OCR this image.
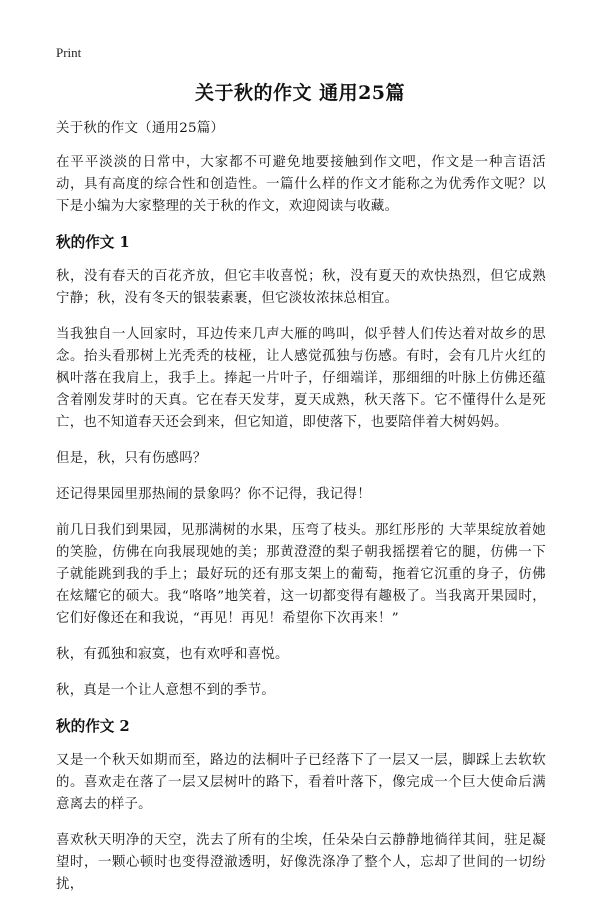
Print
关于秋的作文 通用25篇

关于秋的作文（通用25篇）

在平平淡淡的日常中，大家都不可避免地要接触到作文吧，作文是一种言语活动，具有高度的综合性和创造性。一篇什么样的作文才能称之为优秀作文呢？以下是小编为大家整理的关于秋的作文，欢迎阅读与收藏。

秋的作文 1

秋，没有春天的百花齐放，但它丰收喜悦；秋，没有夏天的欢快热烈，但它成熟宁静；秋，没有冬天的银装素裹，但它淡妆浓抹总相宜。

当我独自一人回家时，耳边传来几声大雁的鸣叫，似乎替人们传达着对故乡的思念。抬头看那树上光秃秃的枝桠，让人感觉孤独与伤感。有时，会有几片火红的枫叶落在我肩上，我手上。捧起一片叶子，仔细端详，那细细的叶脉上仿佛还蕴含着刚发芽时的天真。它在春天发芽，夏天成熟，秋天落下。它不懂得什么是死亡，也不知道春天还会到来，但它知道，即使落下，也要陪伴着大树妈妈。

但是，秋，只有伤感吗？

还记得果园里那热闹的景象吗？你不记得，我记得！

前几日我们到果园，见那满树的水果，压弯了枝头。那红彤彤的 大苹果绽放着她的笑脸，仿佛在向我展现她的美；那黄澄澄的梨子朝我摇摆着它的腿，仿佛一下子就能跳到我的手上；最好玩的还有那支架上的葡萄，拖着它沉重的身子，仿佛在炫耀它的硕大。我“咯咯”地笑着，这一切都变得有趣极了。当我离开果园时，它们好像还在和我说，“再见！再见！希望你下次再来！”

秋，有孤独和寂寞，也有欢呼和喜悦。

秋，真是一个让人意想不到的季节。

秋的作文 2

又是一个秋天如期而至，路边的法桐叶子已经落下了一层又一层，脚踩上去软软的。喜欢走在落了一层又层树叶的路下，看着叶落下，像完成一个巨大使命后满意离去的样子。

喜欢秋天明净的天空，洗去了所有的尘埃，任朵朵白云静静地徜徉其间，驻足凝望时，一颗心顿时也变得澄澈透明，好像洗涤净了整个人，忘却了世间的一切纷扰，
